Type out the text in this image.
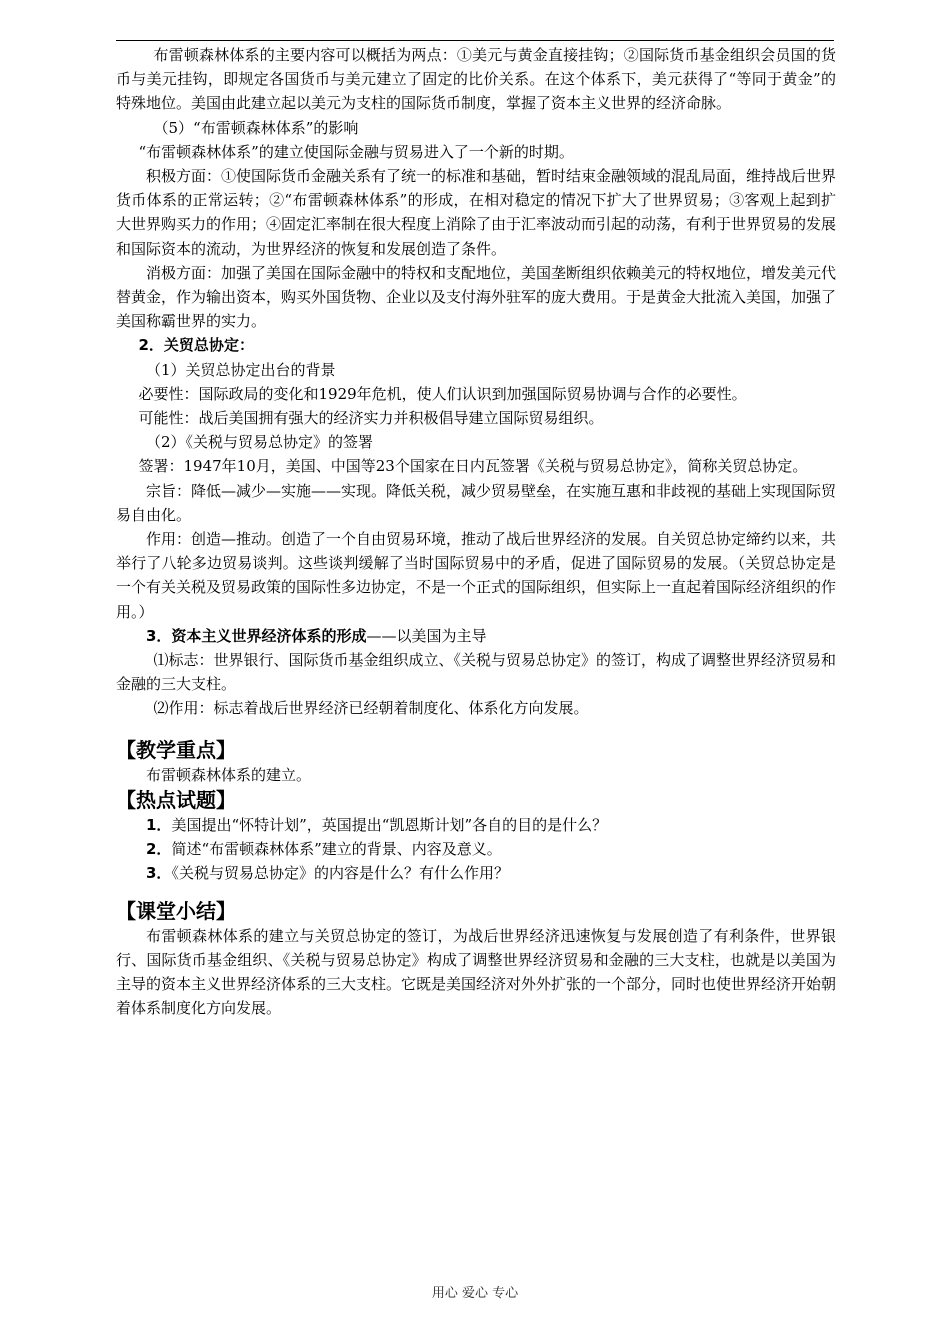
布雷顿森林体系的主要内容可以概括为两点：①美元与黄金直接挂钩；②国际货币基金组织会员国的货币与美元挂钩，即规定各国货币与美元建立了固定的比价关系。在这个体系下，美元获得了“等同于黄金”的特殊地位。美国由此建立起以美元为支柱的国际货币制度，掌握了资本主义世界的经济命脉。

（5）“布雷顿森林体系”的影响

“布雷顿森林体系”的建立使国际金融与贸易进入了一个新的时期。

积极方面：①使国际货币金融关系有了统一的标准和基础，暂时结束金融领域的混乱局面，维持战后世界货币体系的正常运转；②“布雷顿森林体系”的形成，在相对稳定的情况下扩大了世界贸易；③客观上起到扩大世界购买力的作用；④固定汇率制在很大程度上消除了由于汇率波动而引起的动荡，有利于世界贸易的发展和国际资本的流动，为世界经济的恢复和发展创造了条件。

消极方面：加强了美国在国际金融中的特权和支配地位，美国垄断组织依赖美元的特权地位，增发美元代替黄金，作为输出资本，购买外国货物、企业以及支付海外驻军的庞大费用。于是黄金大批流入美国，加强了美国称霸世界的实力。

2．关贸总协定：

（1）关贸总协定出台的背景

必要性：国际政局的变化和1929年危机，使人们认识到加强国际贸易协调与合作的必要性。

可能性：战后美国拥有强大的经济实力并积极倡导建立国际贸易组织。

（2）《关税与贸易总协定》的签署

签署：1947年10月，美国、中国等23个国家在日内瓦签署《关税与贸易总协定》，简称关贸总协定。

宗旨：降低—减少—实施——实现。降低关税，减少贸易壁垒，在实施互惠和非歧视的基础上实现国际贸易自由化。

作用：创造—推动。创造了一个自由贸易环境，推动了战后世界经济的发展。自关贸总协定缔约以来，共举行了八轮多边贸易谈判。这些谈判缓解了当时国际贸易中的矛盾，促进了国际贸易的发展。（关贸总协定是一个有关关税及贸易政策的国际性多边协定，不是一个正式的国际组织，但实际上一直起着国际经济组织的作用。）

3．资本主义世界经济体系的形成——以美国为主导

⑴标志：世界银行、国际货币基金组织成立、《关税与贸易总协定》的签订，构成了调整世界经济贸易和金融的三大支柱。

⑵作用：标志着战后世界经济已经朝着制度化、体系化方向发展。

【教学重点】

布雷顿森林体系的建立。

【热点试题】

1．美国提出“怀特计划”，英国提出“凯恩斯计划”各自的目的是什么？

2．简述“布雷顿森林体系”建立的背景、内容及意义。

3．《关税与贸易总协定》的内容是什么？有什么作用？

【课堂小结】

布雷顿森林体系的建立与关贸总协定的签订，为战后世界经济迅速恢复与发展创造了有利条件，世界银行、国际货币基金组织、《关税与贸易总协定》构成了调整世界经济贸易和金融的三大支柱，也就是以美国为主导的资本主义世界经济体系的三大支柱。它既是美国经济对外外扩张的一个部分，同时也使世界经济开始朝着体系制度化方向发展。

用心 爱心 专心
